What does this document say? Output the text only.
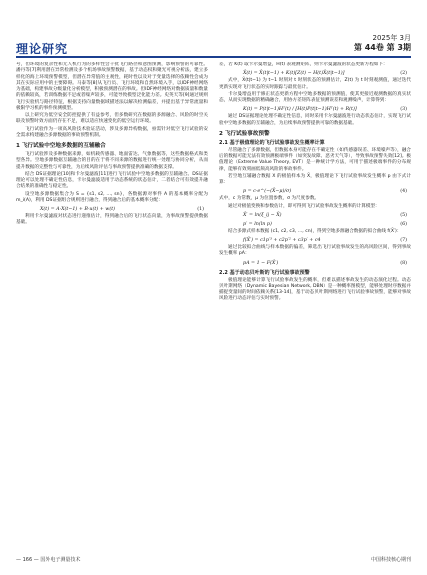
理论研究
2025年 3月
第 44卷 第 3期

号，但环境的复杂性和无人机行为的多样性会干扰飞行路径和意图预测，影响预警的可靠性。潘丹等[7]利用潜在异常检测及多个机场事故预警数据，基于动态权和聚光可视分析法，建立多样化的海上环境预警模型，但潜在异常值的主观性，耗时性以及对于变量选择的依赖性会成为其在实际应用中的主要障碍。马泰等[8]从飞行员、飞行环境和自然环境入手，以IDF神经网络为基础，构建事故分级量化分析模型，积极预测潜在的事故。但IDF神经网络对数据质量和数量的依赖较高，若训练数据不足或者噪声较多，可能导致模型泛化能力差。史英天等[9]通过规则飞行实验机与路径特征，根据支持向量数据域描述法以解决检测偏差，并提出基于异常流量和极限学习机的事件预测模型。

以上研究为低空安全防控提供了有益参考，但多数研究在数据的多源融合、风险的时空关联及预警时效方面仍存在不足，难以适应快速变化的低空运行环境。

飞行试验作为一项高风险技术验证活动，涉及多源异构数据，亟需针对低空飞行试验的安全需求构建融合多源数据的事故预警机制。

1 飞行试验中空地多数据的互辅融合

飞行试验涉及多种数据来源，如机载传感器、地面雷达、气象数据等，这些数据格式和类型各异。空地多源数据互辅融合的目的在于将不同来源的数据进行统一处理与协同分析，从而提升数据的完整性与可靠性，为后续风险评估与事故预警提供准确的数据支撑。

结合 DS证据理论[10]和卡尔曼滤波[11]进行飞行试验中空地多数据的互辅融合。DS证据理论可以处理不确定性信息，卡尔曼滤波适用于动态系统的状态估计，二者结合可有效提升融合结果的准确性与稳定性。

设空地多源数据集合为 S = {s1, s2, …, sn}，各数据源对事件 A 的基本概率分配为 m_i(A)，利用 DS证据组合规则进行融合，得到融合后的基本概率分配：

X(t) = A·X(t−1) + B·u(t) + w(t)	(1)

利用卡尔曼滤波对状态进行递推估计，得到融合后的飞行状态向量，为事故预警提供数据基础。

差，若 K(t) 取卡尔曼增益，H(t) 表观测矩阵，则卡尔曼滤波的状态更新方程如下：

X̂(t) = X̂(t|t−1) + K(t)[Z(t) − H(t)X̂(t|t−1)]	(2)

式中，X̂(t|t−1) 为 t−1 时刻对 t 时刻状态的预测估计，Z(t) 为 t 时刻观测值，通过迭代更新实现对飞行状态的实时跟踪与最优估计。

卡尔曼增益用于修正状态更新方程中空地多数据的预测值，使其更接近观测数据的真实状态，从而实现数据的精确融合，用协方差矩阵表征预测误差和观测噪声，计算得到：

K(t) = P(t|t−1)Hᵀ(t) / [H(t)P(t|t−1)Hᵀ(t) + R(t)]	(3)

通过 DS证据理论处理不确定性信息，同时采用卡尔曼滤波进行动态状态估计，实现飞行试验中空地多数据的互辅融合，为后续事故预警提供可靠的数据基础。

2 飞行试验事故预警
2.1 基于极值理论的飞行试验事故发生概率计算

尽管融合了多源数据，但数据本身可能存在不确定性（如传感器误差、环境噪声等），融合后的数据可能无法有效预测极端事件（如突发故障、恶劣天气等），导致事故预警失效[12]。极值理论（Extreme Value Theory, EVT）是一种统计学方法，可用于描述极端事件的分布规律，能够有效刻画低频高风险的事故事件。

若空地互辅融合数据 X 的极值样本为 X̃，极值理论下飞行试验事故发生概率 p 由下式计算：

p = c·e^(−(X̃−μ)/σ)	(4)

式中，c 为常数，μ 为位置参数，σ 为尺度参数。

通过对极值变换和参数估计，即可得到飞行试验事故发生概率的计算模型：

X̃′ = ln(ξ_ij − X̃)	(5)
p′ = ln(ln p)	(6)

结合多源式样本数据 (c1, c2, c3, …, cn)，得到空地多源融合数据的拟合曲线 f(X̃′)：

f(X̃′) = c1p′³ + c2p′² + c3p′ + c4	(7)

通过比较拟合曲线与样本数据的偏差，筛选出飞行试验事故发生的高风险区间，得到事故发生概率 pA：

pA = 1 − F(X̃′)	(8)
2.2 基于动态贝叶斯的飞行试验事故预警

极值理论能够计算飞行试验事故发生的概率，但难以描述事故发生的动态演化过程。动态贝叶斯网络（Dynamic Bayesian Network, DBN）是一种概率图模型，能够处理时序数据并捕捉变量间的时间依赖关系[13-14]，基于动态贝叶斯网络进行飞行试验事故预警，能够对事故风险进行动态评估与实时预警。

— 166 — 国外电子测量技术	中国科技核心期刊
